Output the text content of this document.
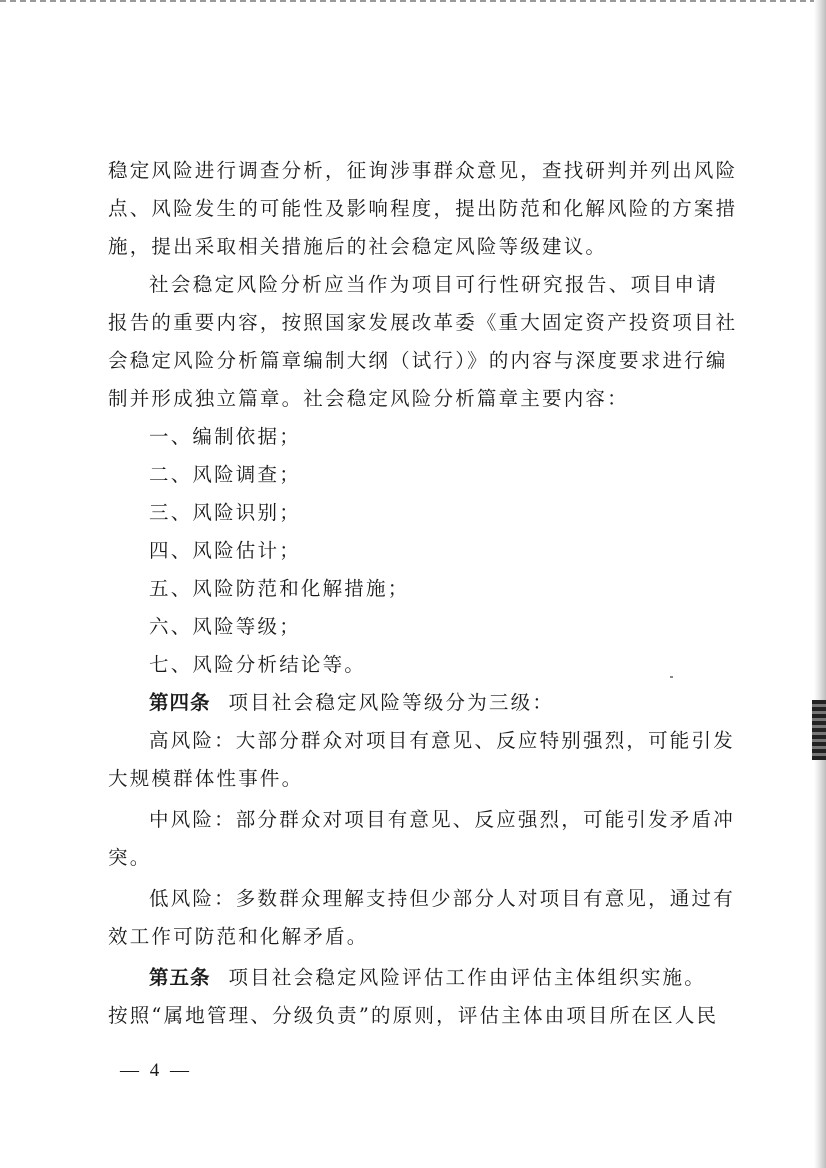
稳定风险进行调查分析，征询涉事群众意见，查找研判并列出风险
点、风险发生的可能性及影响程度，提出防范和化解风险的方案措
施，提出采取相关措施后的社会稳定风险等级建议。
社会稳定风险分析应当作为项目可行性研究报告、项目申请
报告的重要内容，按照国家发展改革委《重大固定资产投资项目社
会稳定风险分析篇章编制大纲（试行）》的内容与深度要求进行编
制并形成独立篇章。社会稳定风险分析篇章主要内容：
一、编制依据；
二、风险调查；
三、风险识别；
四、风险估计；
五、风险防范和化解措施；
六、风险等级；
七、风险分析结论等。
第四条 项目社会稳定风险等级分为三级：
高风险：大部分群众对项目有意见、反应特别强烈，可能引发
大规模群体性事件。
中风险：部分群众对项目有意见、反应强烈，可能引发矛盾冲
突。
低风险：多数群众理解支持但少部分人对项目有意见，通过有
效工作可防范和化解矛盾。
第五条 项目社会稳定风险评估工作由评估主体组织实施。
按照“属地管理、分级负责”的原则，评估主体由项目所在区人民
— 4 —
